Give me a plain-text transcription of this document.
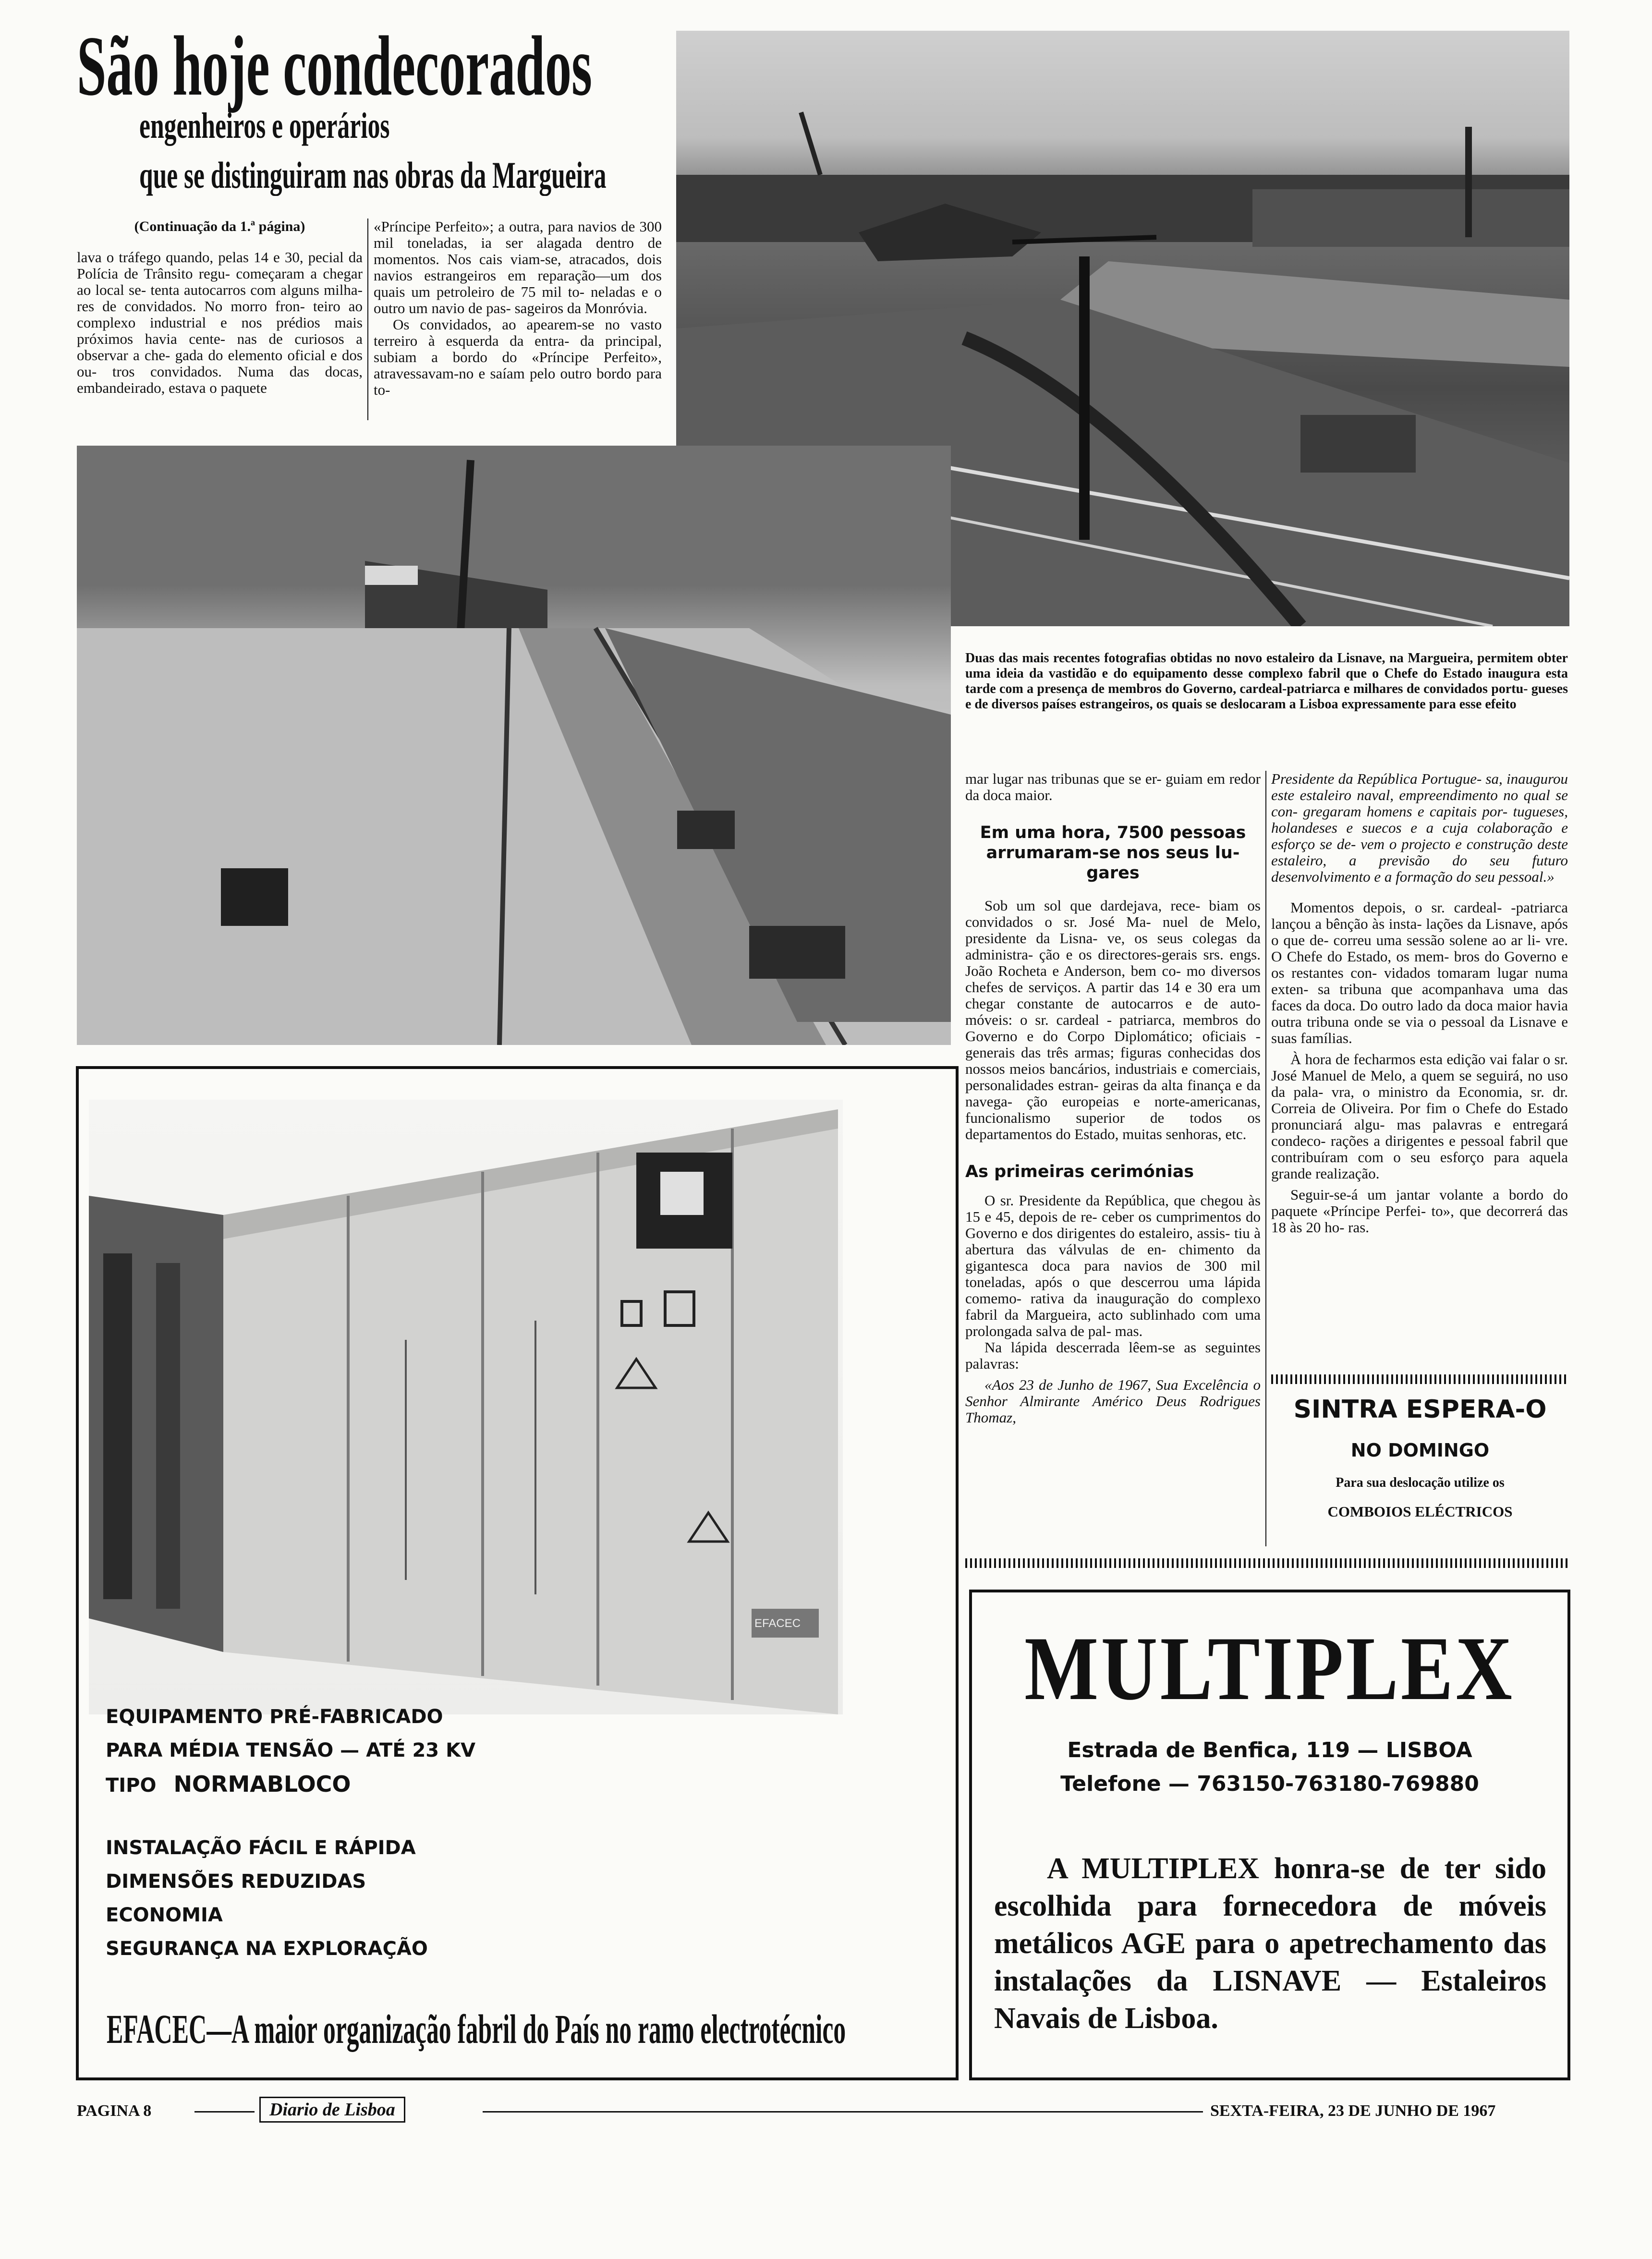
São hoje condecorados
engenheiros e operários
que se distinguiram nas obras da Margueira

(Continuação da 1.ª página)

lava o tráfego quando, pelas 14 e 30, pecial da Polícia de Trânsito regu- começaram a chegar ao local se- tenta autocarros com alguns milha- res de convidados. No morro fron- teiro ao complexo industrial e nos prédios mais próximos havia cente- nas de curiosos a observar a che- gada do elemento oficial e dos ou- tros convidados. Numa das docas, embandeirado, estava o paquete

«Príncipe Perfeito»; a outra, para navios de 300 mil toneladas, ia ser alagada dentro de momentos. Nos cais viam-se, atracados, dois navios estrangeiros em reparação—um dos quais um petroleiro de 75 mil to- neladas e o outro um navio de pas- sageiros da Monróvia.

Os convidados, ao apearem-se no vasto terreiro à esquerda da entra- da principal, subiam a bordo do «Príncipe Perfeito», atravessavam-no e saíam pelo outro bordo para to-

Duas das mais recentes fotografias obtidas no novo estaleiro da Lisnave, na Margueira, permitem obter uma ideia da vastidão e do equipamento desse complexo fabril que o Chefe do Estado inaugura esta tarde com a presença de membros do Governo, cardeal-patriarca e milhares de convidados portu- gueses e de diversos países estrangeiros, os quais se deslocaram a Lisboa expressamente para esse efeito

mar lugar nas tribunas que se er- guiam em redor da doca maior.

Em uma hora, 7500 pessoas arrumaram-se nos seus lu- gares

Sob um sol que dardejava, rece- biam os convidados o sr. José Ma- nuel de Melo, presidente da Lisna- ve, os seus colegas da administra- ção e os directores-gerais srs. engs. João Rocheta e Anderson, bem co- mo diversos chefes de serviços. A partir das 14 e 30 era um chegar constante de autocarros e de auto- móveis: o sr. cardeal - patriarca, membros do Governo e do Corpo Diplomático; oficiais - generais das três armas; figuras conhecidas dos nossos meios bancários, industriais e comerciais, personalidades estran- geiras da alta finança e da navega- ção europeias e norte-americanas, funcionalismo superior de todos os departamentos do Estado, muitas senhoras, etc.

As primeiras cerimónias

O sr. Presidente da República, que chegou às 15 e 45, depois de re- ceber os cumprimentos do Governo e dos dirigentes do estaleiro, assis- tiu à abertura das válvulas de en- chimento da gigantesca doca para navios de 300 mil toneladas, após o que descerrou uma lápida comemo- rativa da inauguração do complexo fabril da Margueira, acto sublinhado com uma prolongada salva de pal- mas.

Na lápida descerrada lêem-se as seguintes palavras:

«Aos 23 de Junho de 1967, Sua Excelência o Senhor Almirante Américo Deus Rodrigues Thomaz,

Presidente da República Portugue- sa, inaugurou este estaleiro naval, empreendimento no qual se con- gregaram homens e capitais por- tugueses, holandeses e suecos e a cuja colaboração e esforço se de- vem o projecto e construção deste estaleiro, a previsão do seu futuro desenvolvimento e a formação do seu pessoal.»

Momentos depois, o sr. cardeal- -patriarca lançou a bênção às insta- lações da Lisnave, após o que de- correu uma sessão solene ao ar li- vre. O Chefe do Estado, os mem- bros do Governo e os restantes con- vidados tomaram lugar numa exten- sa tribuna que acompanhava uma das faces da doca. Do outro lado da doca maior havia outra tribuna onde se via o pessoal da Lisnave e suas famílias.

À hora de fecharmos esta edição vai falar o sr. José Manuel de Melo, a quem se seguirá, no uso da pala- vra, o ministro da Economia, sr. dr. Correia de Oliveira. Por fim o Chefe do Estado pronunciará algu- mas palavras e entregará condeco- rações a dirigentes e pessoal fabril que contribuíram com o seu esforço para aquela grande realização.

Seguir-se-á um jantar volante a bordo do paquete «Príncipe Perfei- to», que decorrerá das 18 às 20 ho- ras.

SINTRA ESPERA-O
NO DOMINGO
Para sua deslocação utilize os
COMBOIOS ELÉCTRICOS
EFACEC
EQUIPAMENTO PRÉ-FABRICADO
PARA MÉDIA TENSÃO — ATÉ 23 KV
TIPO NORMABLOCO
INSTALAÇÃO FÁCIL E RÁPIDA
DIMENSÕES REDUZIDAS
ECONOMIA
SEGURANÇA NA EXPLORAÇÃO
EFACEC—A maior organização fabril do País no ramo electrotécnico
MULTIPLEX
Estrada de Benfica, 119 — LISBOA
Telefone — 763150-763180-769880

A MULTIPLEX honra-se de ter sido escolhida para fornecedora de móveis metálicos AGE para o apetrechamento das instalações da LISNAVE — Estaleiros Navais de Lisboa.

PAGINA 8	Diario de Lisboa	SEXTA-FEIRA, 23 DE JUNHO DE 1967
